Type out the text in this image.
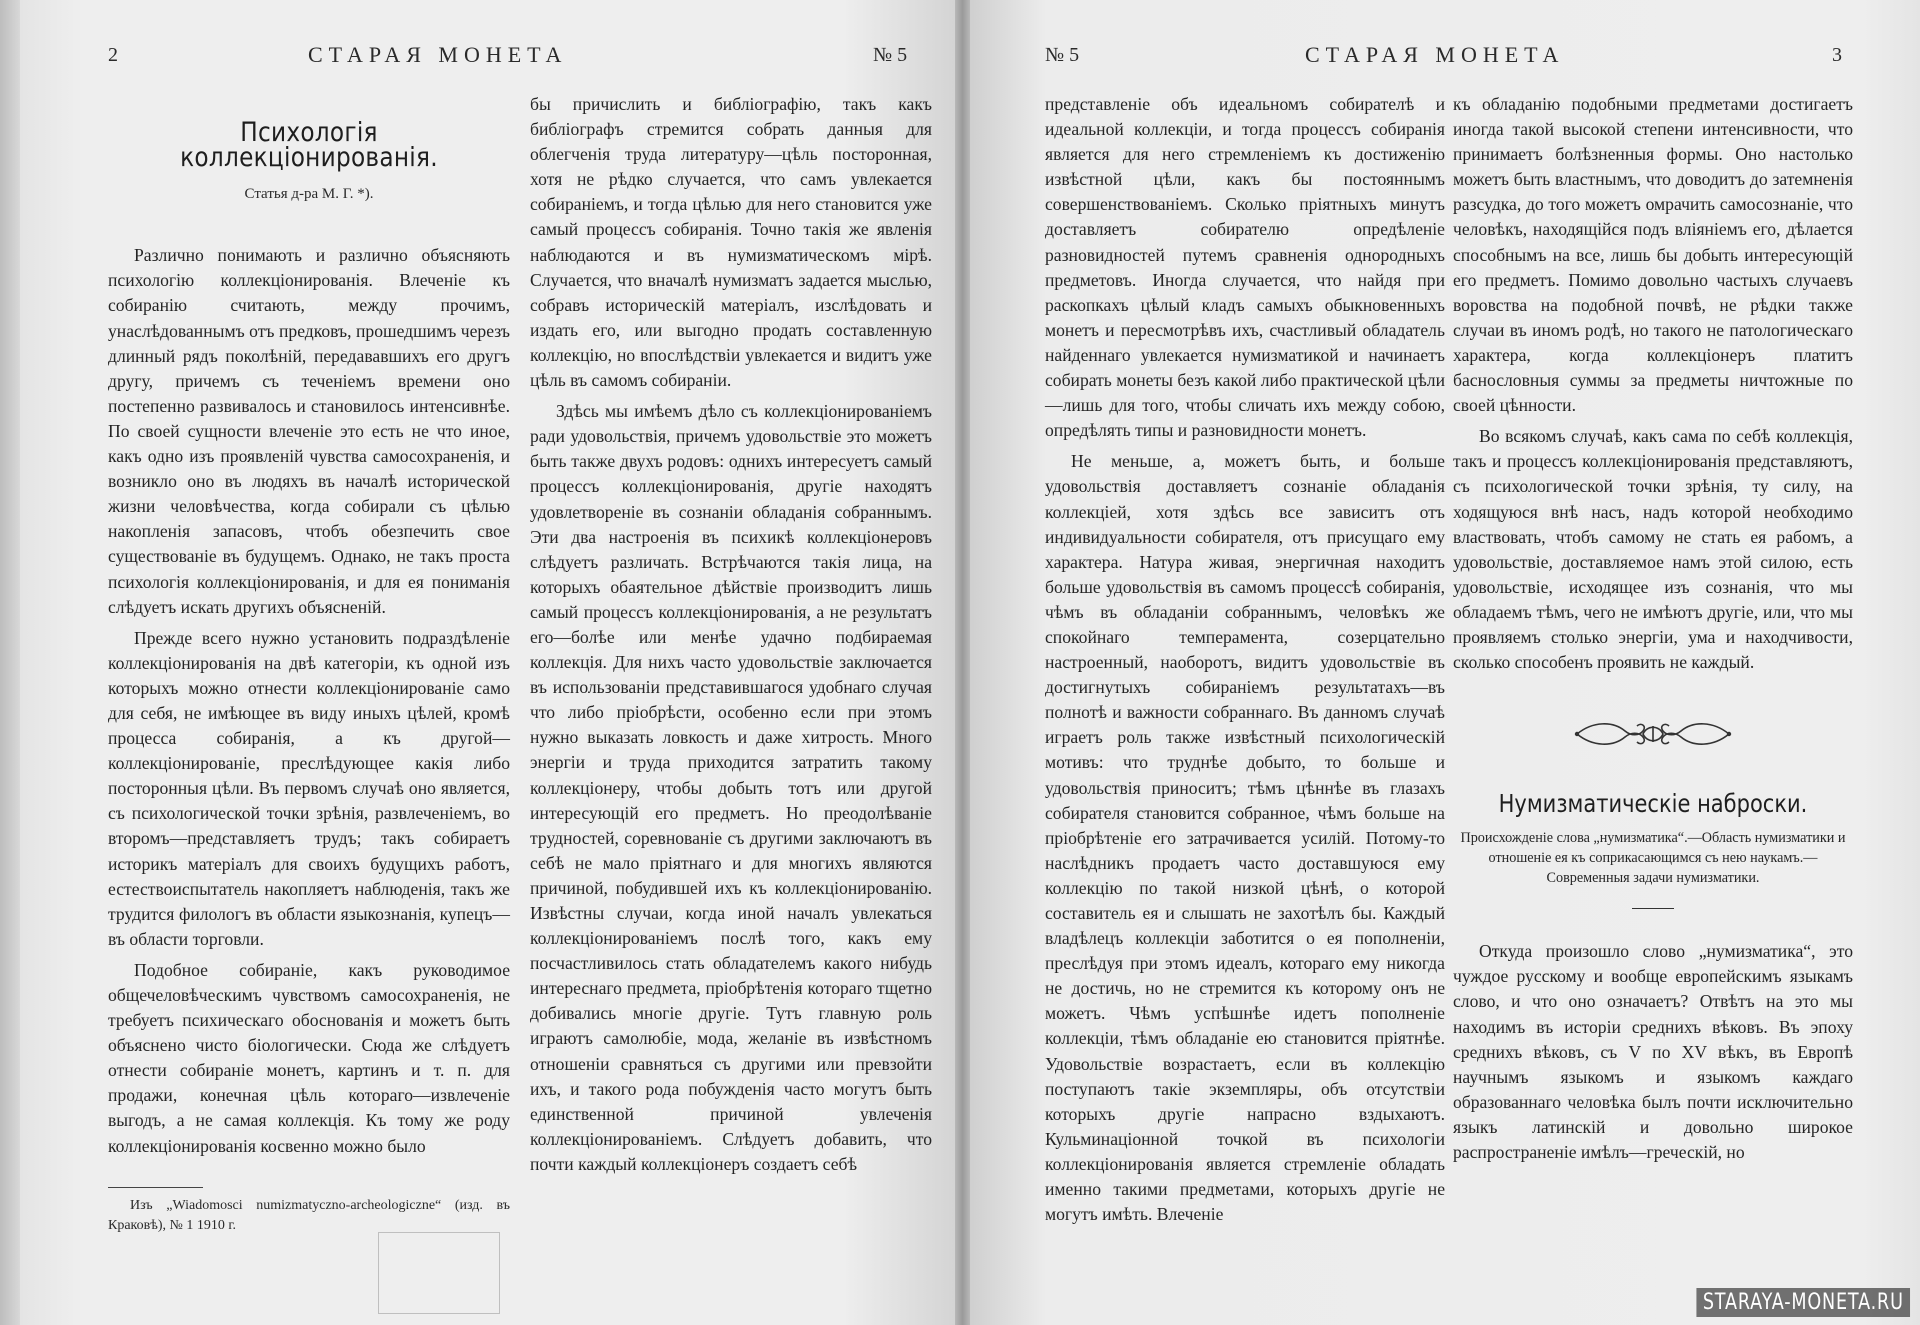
2	СТАРАЯ МОНЕТА	№ 5
Психологія коллекціонированія.
Статья д-ра М. Г. *).

Различно понимають и различно объясняють психологію коллекціонированія. Влеченіе къ собиранію считають, между прочимъ, унаслѣдованнымъ отъ предковъ, прошедшимъ черезъ длинный рядъ поколѣній, передававшихъ его другъ другу, причемъ съ теченіемъ времени оно постепенно развивалось и становилось интенсивнѣе. По своей сущности влеченіе это есть не что иное, какъ одно изъ проявленій чувства самосохраненія, и возникло оно въ людяхъ въ началѣ исторической жизни человѣчества, когда собирали съ цѣлью накопленія запасовъ, чтобъ обезпечить свое существованіе въ будущемъ. Однако, не такъ проста психологія коллекціонированія, и для ея пониманія слѣдуетъ искать другихъ объясненій.

Прежде всего нужно установить подраздѣленіе коллекціонированія на двѣ категоріи, къ одной изъ которыхъ можно отнести коллекціонированіе само для себя, не имѣющее въ виду иныхъ цѣлей, кромѣ процесса собиранія, а къ другой—коллекціонированіе, преслѣдующее какія либо посторонныя цѣли. Въ первомъ случаѣ оно является, съ психологической точки зрѣнія, развлеченіемъ, во второмъ—представляетъ трудъ; такъ собираетъ историкъ матеріалъ для своихъ будущихъ работъ, естествоиспытатель накопляетъ наблюденія, такъ же трудится филологъ въ области языкознанія, купецъ—въ области торговли.

Подобное собираніе, какъ руководимое общечеловѣческимъ чувствомъ самосохраненія, не требуетъ психическаго обоснованія и можетъ быть объяснено чисто біологически. Сюда же слѣдуетъ отнести собираніе монетъ, картинъ и т. п. для продажи, конечная цѣль котораго—извлеченіе выгодъ, а не самая коллекція. Къ тому же роду коллекціонированія косвенно можно было

Изъ „Wiadomosci numizmatyczno-archeologiczne“ (изд. въ Краковѣ), № 1 1910 г.

бы причислить и библіографію, такъ какъ библіографъ стремится собрать данныя для облегченія труда литературу—цѣль посторонная, хотя не рѣдко случается, что самъ увлекается собираніемъ, и тогда цѣлью для него становится уже самый процессъ собиранія. Точно такія же явленія наблюдаются и въ нумизматическомъ мірѣ. Случается, что вначалѣ нумизматъ задается мыслью, собравъ историческій матеріалъ, изслѣдовать и издать его, или выгодно продать составленную коллекцію, но впослѣдствіи увлекается и видитъ уже цѣль въ самомъ собираніи.

Здѣсь мы имѣемъ дѣло съ коллекціонированіемъ ради удовольствія, причемъ удовольствіе это можетъ быть также двухъ родовъ: однихъ интересуетъ самый процессъ коллекціонированія, другіе находятъ удовлетвореніе въ сознаніи обладанія собраннымъ. Эти два настроенія въ психикѣ коллекціонеровъ слѣдуетъ различать. Встрѣчаются такія лица, на которыхъ обаятельное дѣйствіе производитъ лишь самый процессъ коллекціонированія, а не результатъ его—болѣе или менѣе удачно подбираемая коллекція. Для нихъ часто удовольствіе заключается въ использованіи представившагося удобнаго случая что либо пріобрѣсти, особенно если при этомъ нужно выказать ловкость и даже хитрость. Много энергіи и труда приходится затратить такому коллекціонеру, чтобы добыть тотъ или другой интересующій его предметъ. Но преодолѣваніе трудностей, соревнованіе съ другими заключаютъ въ себѣ не мало пріятнаго и для многихъ являются причиной, побудившей ихъ къ коллекціонированію. Извѣстны случаи, когда иной началъ увлекаться коллекціонированіемъ послѣ того, какъ ему посчастливилось стать обладателемъ какого нибудь интереснаго предмета, пріобрѣтенія котораго тщетно добивались многіе другіе. Тутъ главную роль играютъ самолюбіе, мода, желаніе въ извѣстномъ отношеніи сравняться съ другими или превзойти ихъ, и такого рода побужденія часто могутъ быть единственной причиной увлеченія коллекціонированіемъ. Слѣдуетъ добавить, что почти каждый коллекціонеръ создаетъ себѣ

№ 5	СТАРАЯ МОНЕТА	3

представленіе объ идеальномъ собирателѣ и идеальной коллекціи, и тогда процессъ собиранія является для него стремленіемъ къ достиженію извѣстной цѣли, какъ бы постояннымъ совершенствованіемъ. Сколько пріятныхъ минутъ доставляетъ собирателю опредѣленіе разновидностей путемъ сравненія однородныхъ предметовъ. Иногда случается, что найдя при раскопкахъ цѣлый кладъ самыхъ обыкновенныхъ монетъ и пересмотрѣвъ ихъ, счастливый обладатель найденнаго увлекается нумизматикой и начинаетъ собирать монеты безъ какой либо практической цѣли—лишь для того, чтобы сличать ихъ между собою, опредѣлять типы и разновидности монетъ.

Не меньше, а, можетъ быть, и больше удовольствія доставляетъ сознаніе обладанія коллекціей, хотя здѣсь все зависитъ отъ индивидуальности собирателя, отъ присущаго ему характера. Натура живая, энергичная находитъ больше удовольствія въ самомъ процессѣ собиранія, чѣмъ въ обладаніи собраннымъ, человѣкъ же спокойнаго темперамента, созерцательно настроенный, наоборотъ, видитъ удовольствіе въ достигнутыхъ собираніемъ результатахъ—въ полнотѣ и важности собраннаго. Въ данномъ случаѣ играетъ роль также извѣстный психологическій мотивъ: что труднѣе добыто, то больше и удовольствія приноситъ; тѣмъ цѣннѣе въ глазахъ собирателя становится собранное, чѣмъ больше на пріобрѣтеніе его затрачивается усилій. Потому-то наслѣдникъ продаетъ часто доставшуюся ему коллекцію по такой низкой цѣнѣ, о которой составитель ея и слышать не захотѣлъ бы. Каждый владѣлецъ коллекціи заботится о ея пополненіи, преслѣдуя при этомъ идеалъ, котораго ему никогда не достичь, но не стремится къ которому онъ не можетъ. Чѣмъ успѣшнѣе идетъ пополненіе коллекціи, тѣмъ обладаніе ею становится пріятнѣе. Удовольствіе возрастаетъ, если въ коллекцію поступаютъ такіе экземпляры, объ отсутствіи которыхъ другіе напрасно вздыхаютъ. Кульминаціонной точкой въ психологіи коллекціонированія является стремленіе обладать именно такими предметами, которыхъ другіе не могутъ имѣть. Влеченіе

къ обладанію подобными предметами достигаетъ иногда такой высокой степени интенсивности, что принимаетъ болѣзненныя формы. Оно настолько можетъ быть властнымъ, что доводитъ до затемненія разсудка, до того можетъ омрачить самосознаніе, что человѣкъ, находящійся подъ вліяніемъ его, дѣлается способнымъ на все, лишь бы добыть интересующій его предметъ. Помимо довольно частыхъ случаевъ воровства на подобной почвѣ, не рѣдки также случаи въ иномъ родѣ, но такого не патологическаго характера, когда коллекціонеръ платитъ баснословныя суммы за предметы ничтожные по своей цѣнности.

Во всякомъ случаѣ, какъ сама по себѣ коллекція, такъ и процессъ коллекціонированія представляютъ, съ психологической точки зрѣнія, ту силу, на ходящуюся внѣ насъ, надъ которой необходимо властвовать, чтобъ самому не стать ея рабомъ, а удовольствіе, доставляемое намъ этой силою, есть удовольствіе, исходящее изъ сознанія, что мы обладаемъ тѣмъ, чего не имѣютъ другіе, или, что мы проявляемъ столько энергіи, ума и находчивости, сколько способенъ проявить не каждый.

Нумизматическіе наброски.
Происхожденіе слова „нумизматика“.—Область нумизматики и отношеніе ея къ соприкасающимся съ нею наукамъ.—Современныя задачи нумизматики.

Откуда произошло слово „нумизматика“, это чуждое русскому и вообще европейскимъ языкамъ слово, и что оно означаетъ? Отвѣтъ на это мы находимъ въ исторіи среднихъ вѣковъ. Въ эпоху среднихъ вѣковъ, съ V по XV вѣкъ, въ Европѣ научнымъ языкомъ и языкомъ каждаго образованнаго человѣка былъ почти исключительно языкъ латинскій и довольно широкое распространеніе имѣлъ—греческій, но

STARAYA-MONETA.RU
